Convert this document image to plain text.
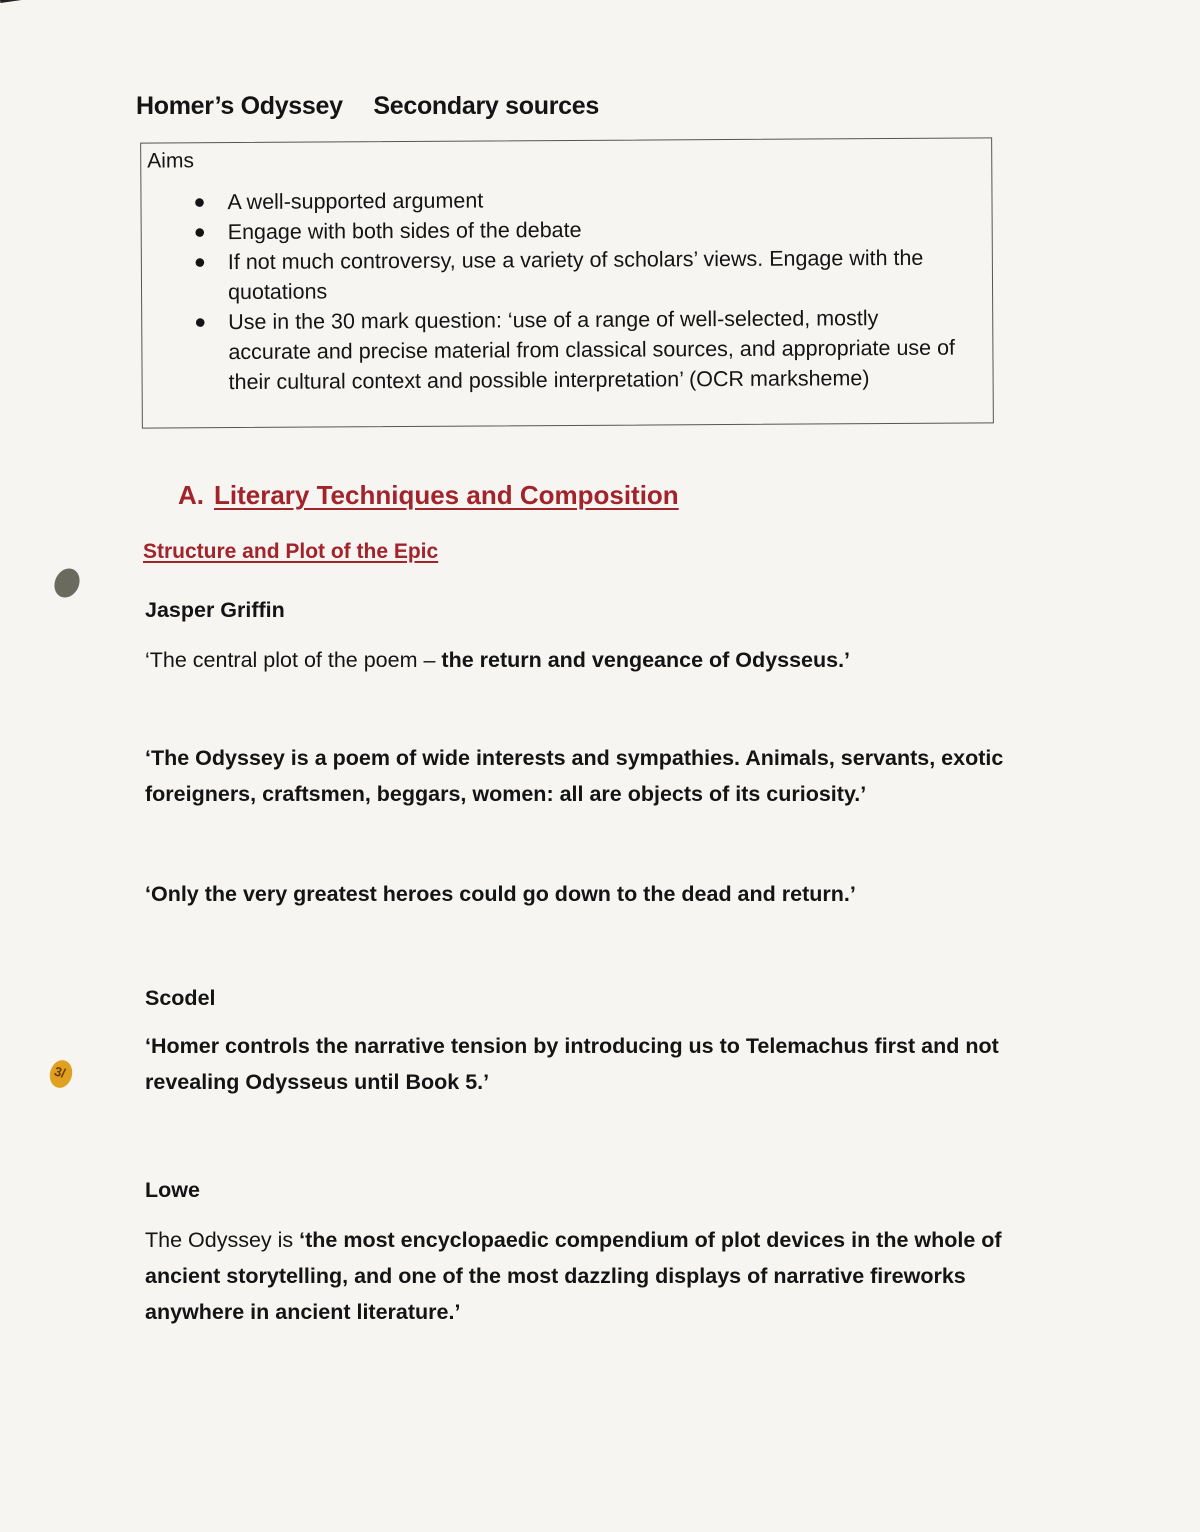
Homer’s Odyssey Secondary sources
Aims
● A well-supported argument
● Engage with both sides of the debate
● If not much controversy, use a variety of scholars’ views. Engage with the quotations
● Use in the 30 mark question: ‘use of a range of well-selected, mostly accurate and precise material from classical sources, and appropriate use of their cultural context and possible interpretation’ (OCR marksheme)
A. Literary Techniques and Composition
Structure and Plot of the Epic
Jasper Griffin
‘The central plot of the poem – the return and vengeance of Odysseus.’
‘The Odyssey is a poem of wide interests and sympathies. Animals, servants, exotic foreigners, craftsmen, beggars, women: all are objects of its curiosity.’
‘Only the very greatest heroes could go down to the dead and return.’
Scodel
3/
‘Homer controls the narrative tension by introducing us to Telemachus first and not revealing Odysseus until Book 5.’
Lowe
The Odyssey is ‘the most encyclopaedic compendium of plot devices in the whole of ancient storytelling, and one of the most dazzling displays of narrative fireworks anywhere in ancient literature.’
